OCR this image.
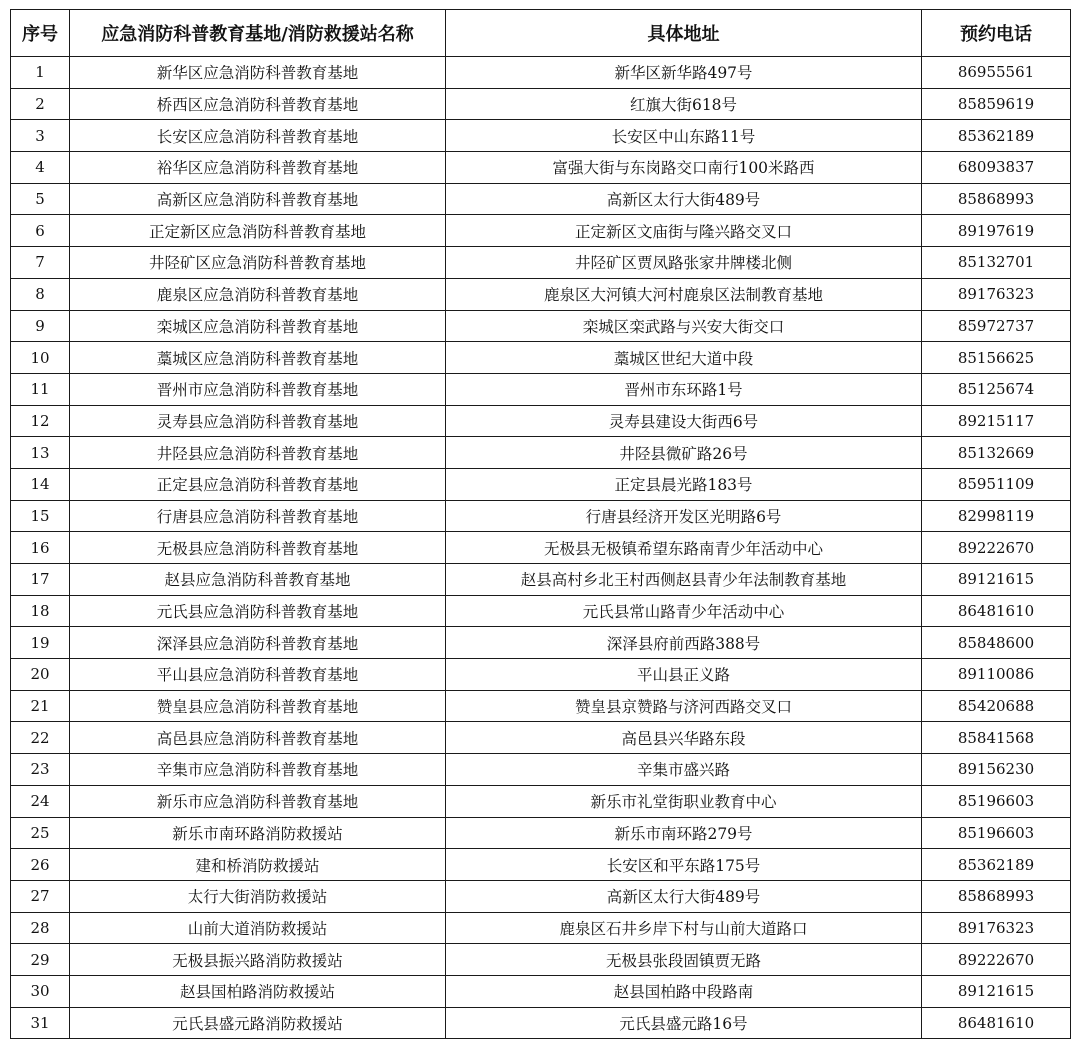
序号	应急消防科普教育基地/消防救援站名称	具体地址	预约电话
1	新华区应急消防科普教育基地	新华区新华路497号	86955561
2	桥西区应急消防科普教育基地	红旗大街618号	85859619
3	长安区应急消防科普教育基地	长安区中山东路11号	85362189
4	裕华区应急消防科普教育基地	富强大街与东岗路交口南行100米路西	68093837
5	高新区应急消防科普教育基地	高新区太行大街489号	85868993
6	正定新区应急消防科普教育基地	正定新区文庙街与隆兴路交叉口	89197619
7	井陉矿区应急消防科普教育基地	井陉矿区贾凤路张家井牌楼北侧	85132701
8	鹿泉区应急消防科普教育基地	鹿泉区大河镇大河村鹿泉区法制教育基地	89176323
9	栾城区应急消防科普教育基地	栾城区栾武路与兴安大街交口	85972737
10	藁城区应急消防科普教育基地	藁城区世纪大道中段	85156625
11	晋州市应急消防科普教育基地	晋州市东环路1号	85125674
12	灵寿县应急消防科普教育基地	灵寿县建设大街西6号	89215117
13	井陉县应急消防科普教育基地	井陉县微矿路26号	85132669
14	正定县应急消防科普教育基地	正定县晨光路183号	85951109
15	行唐县应急消防科普教育基地	行唐县经济开发区光明路6号	82998119
16	无极县应急消防科普教育基地	无极县无极镇希望东路南青少年活动中心	89222670
17	赵县应急消防科普教育基地	赵县高村乡北王村西侧赵县青少年法制教育基地	89121615
18	元氏县应急消防科普教育基地	元氏县常山路青少年活动中心	86481610
19	深泽县应急消防科普教育基地	深泽县府前西路388号	85848600
20	平山县应急消防科普教育基地	平山县正义路	89110086
21	赞皇县应急消防科普教育基地	赞皇县京赞路与济河西路交叉口	85420688
22	高邑县应急消防科普教育基地	高邑县兴华路东段	85841568
23	辛集市应急消防科普教育基地	辛集市盛兴路	89156230
24	新乐市应急消防科普教育基地	新乐市礼堂街职业教育中心	85196603
25	新乐市南环路消防救援站	新乐市南环路279号	85196603
26	建和桥消防救援站	长安区和平东路175号	85362189
27	太行大街消防救援站	高新区太行大街489号	85868993
28	山前大道消防救援站	鹿泉区石井乡岸下村与山前大道路口	89176323
29	无极县振兴路消防救援站	无极县张段固镇贾无路	89222670
30	赵县国柏路消防救援站	赵县国柏路中段路南	89121615
31	元氏县盛元路消防救援站	元氏县盛元路16号	86481610
